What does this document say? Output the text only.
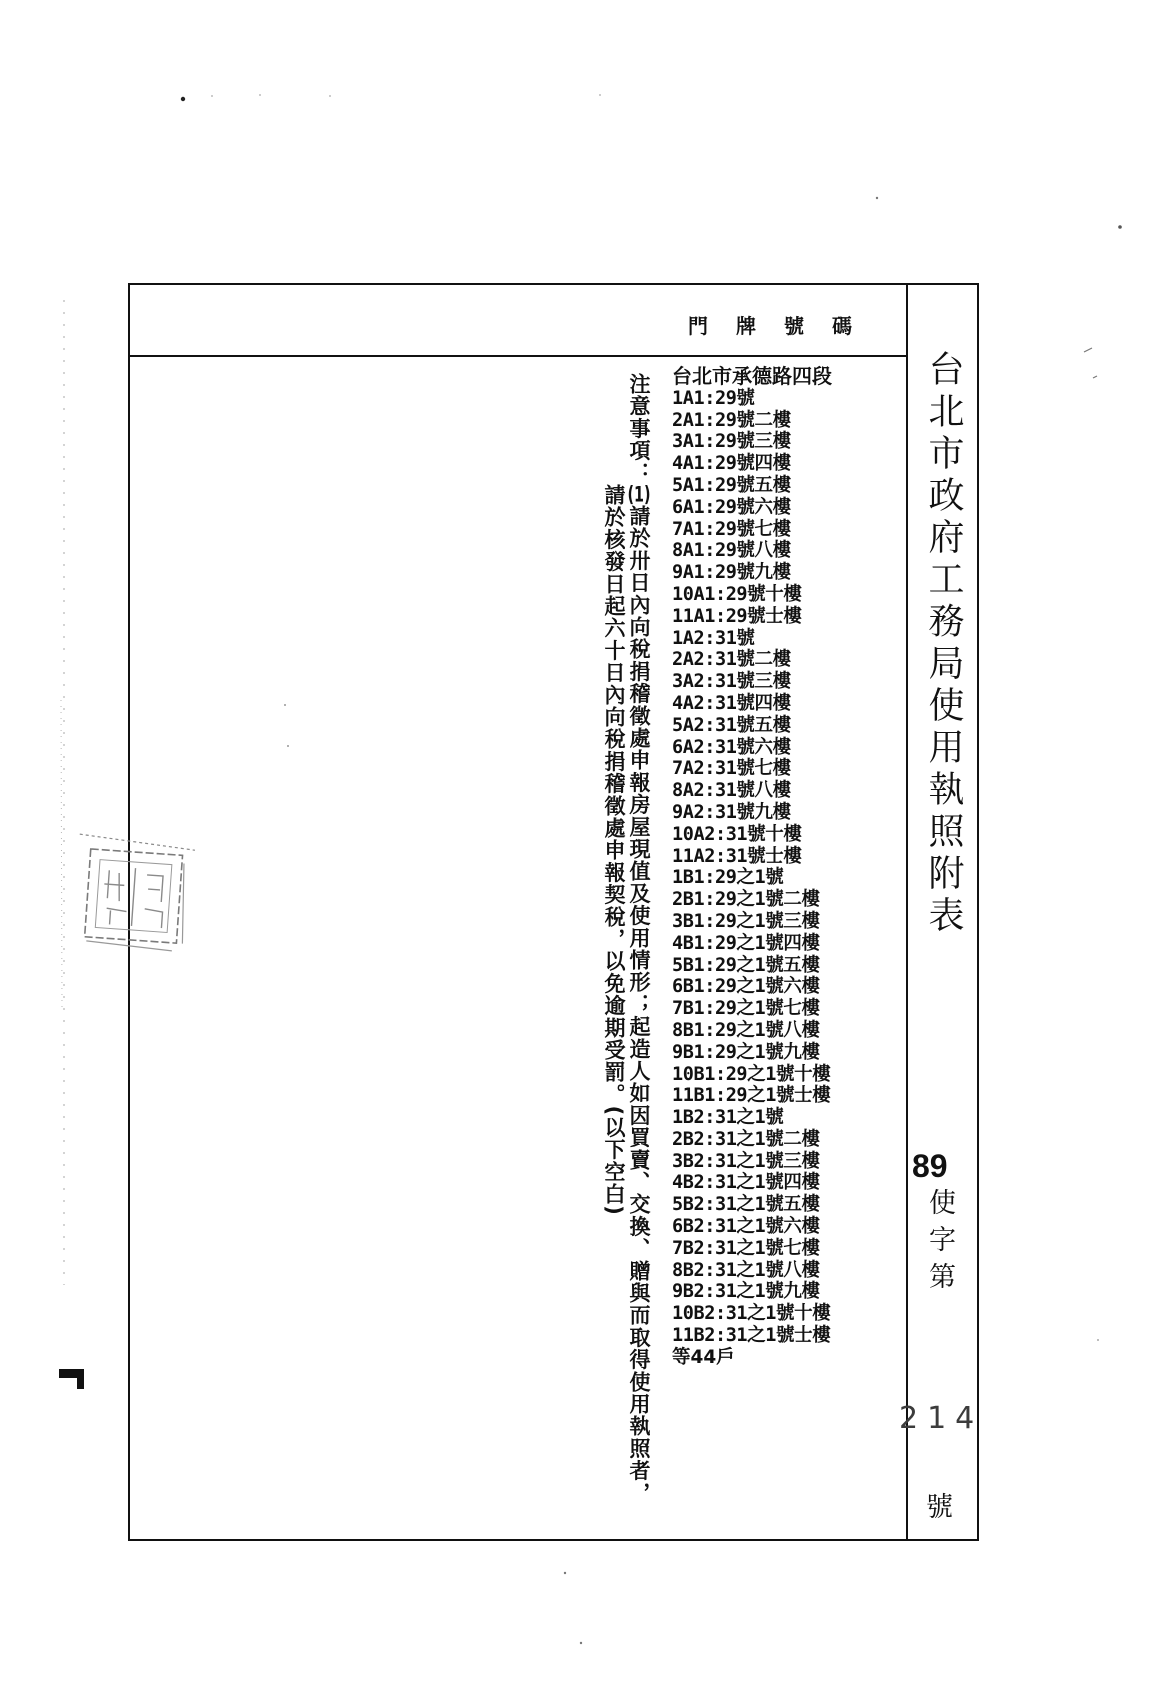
門牌號碼
台北市政府工務局使用執照附表
89
使字第
214
號
台北市承德路四段
1A1:29號
2A1:29號二樓
3A1:29號三樓
4A1:29號四樓
5A1:29號五樓
6A1:29號六樓
7A1:29號七樓
8A1:29號八樓
9A1:29號九樓
10A1:29號十樓
11A1:29號士樓
1A2:31號
2A2:31號二樓
3A2:31號三樓
4A2:31號四樓
5A2:31號五樓
6A2:31號六樓
7A2:31號七樓
8A2:31號八樓
9A2:31號九樓
10A2:31號十樓
11A2:31號士樓
1B1:29之1號
2B1:29之1號二樓
3B1:29之1號三樓
4B1:29之1號四樓
5B1:29之1號五樓
6B1:29之1號六樓
7B1:29之1號七樓
8B1:29之1號八樓
9B1:29之1號九樓
10B1:29之1號十樓
11B1:29之1號士樓
1B2:31之1號
2B2:31之1號二樓
3B2:31之1號三樓
4B2:31之1號四樓
5B2:31之1號五樓
6B2:31之1號六樓
7B2:31之1號七樓
8B2:31之1號八樓
9B2:31之1號九樓
10B2:31之1號十樓
11B2:31之1號士樓
等44戶
注意事項：(1)請於卅日內向稅捐稽徵處申報房屋現值及使用情形；起造人如因買賣、交換、贈與而取得使用執照者，
請於核發日起六十日內向稅捐稽徵處申報契稅，以免逾期受罰。(以下空白)
